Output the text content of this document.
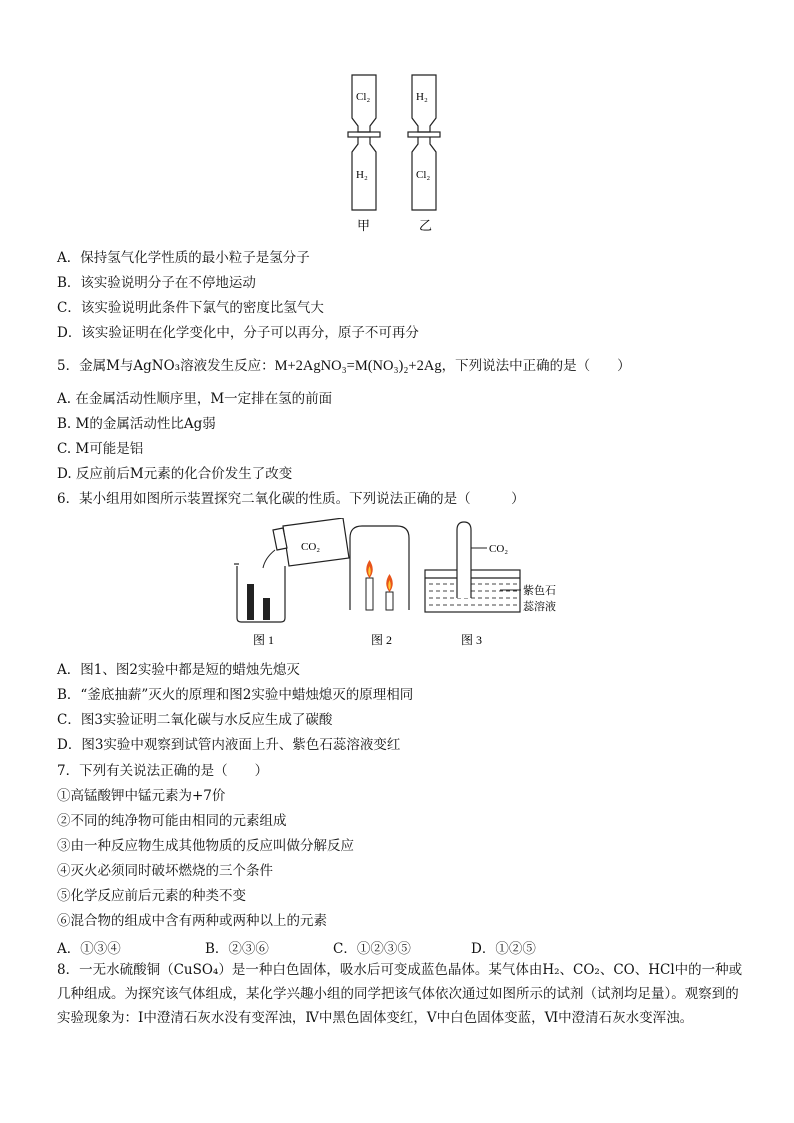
Cl₂
H₂
H₂
Cl₂
甲	乙
A．保持氢气化学性质的最小粒子是氢分子
B．该实验说明分子在不停地运动
C．该实验说明此条件下氯气的密度比氢气大
D．该实验证明在化学变化中，分子可以再分，原子不可再分
5．金属M与AgNO₃溶液发生反应：M+2AgNO₃=M(NO₃)₂+2Ag，下列说法中正确的是（　　）
A. 在金属活动性顺序里，M一定排在氢的前面
B. M的金属活动性比Ag弱
C. M可能是铝
D. 反应前后M元素的化合价发生了改变
6．某小组用如图所示装置探究二氧化碳的性质。下列说法正确的是（　　　）
CO₂	CO₂
紫色石
蕊溶液
图 1	图 2	图 3
A．图1、图2实验中都是短的蜡烛先熄灭
B．“釜底抽薪”灭火的原理和图2实验中蜡烛熄灭的原理相同
C．图3实验证明二氧化碳与水反应生成了碳酸
D．图3实验中观察到试管内液面上升、紫色石蕊溶液变红
7．下列有关说法正确的是（　　）
①高锰酸钾中锰元素为+7价
②不同的纯净物可能由相同的元素组成
③由一种反应物生成其他物质的反应叫做分解反应
④灭火必须同时破坏燃烧的三个条件
⑤化学反应前后元素的种类不变
⑥混合物的组成中含有两种或两种以上的元素
A．①③④	B．②③⑥	C．①②③⑤	D．①②⑤
8．一无水硫酸铜（CuSO₄）是一种白色固体，吸水后可变成蓝色晶体。某气体由H₂、CO₂、CO、HCl中的一种或几种组成。为探究该气体组成，某化学兴趣小组的同学把该气体依次通过如图所示的试剂（试剂均足量）。观察到的实验现象为：Ⅰ中澄清石灰水没有变浑浊，Ⅳ中黑色固体变红，Ⅴ中白色固体变蓝，Ⅵ中澄清石灰水变浑浊。
